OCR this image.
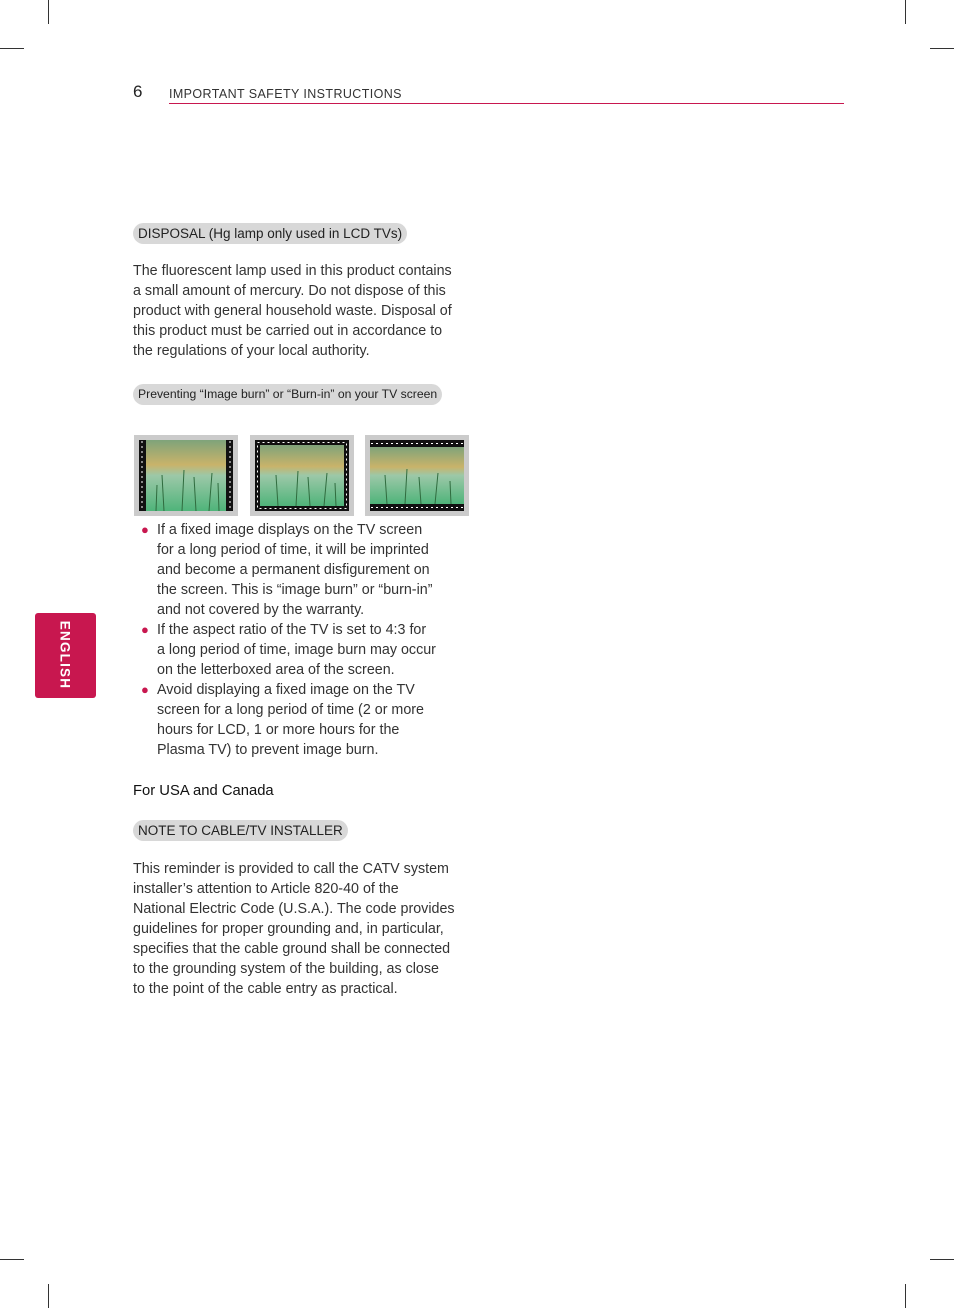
6 IMPORTANT SAFETY INSTRUCTIONS
ENGLISH
DISPOSAL (Hg lamp only used in LCD TVs)
The fluorescent lamp used in this product contains
a small amount of mercury. Do not dispose of this
product with general household waste. Disposal of
this product must be carried out in accordance to
the regulations of your local authority.
Preventing “Image burn” or “Burn-in” on your TV screen
● If a fixed image displays on the TV screen
for a long period of time, it will be imprinted
and become a permanent disfigurement on
the screen. This is “image burn” or “burn-in”
and not covered by the warranty.
● If the aspect ratio of the TV is set to 4:3 for
a long period of time, image burn may occur
on the letterboxed area of the screen.
● Avoid displaying a fixed image on the TV
screen for a long period of time (2 or more
hours for LCD, 1 or more hours for the
Plasma TV) to prevent image burn.
For USA and Canada
NOTE TO CABLE/TV INSTALLER
This reminder is provided to call the CATV system
installer’s attention to Article 820-40 of the
National Electric Code (U.S.A.). The code provides
guidelines for proper grounding and, in particular,
specifies that the cable ground shall be connected
to the grounding system of the building, as close
to the point of the cable entry as practical.
